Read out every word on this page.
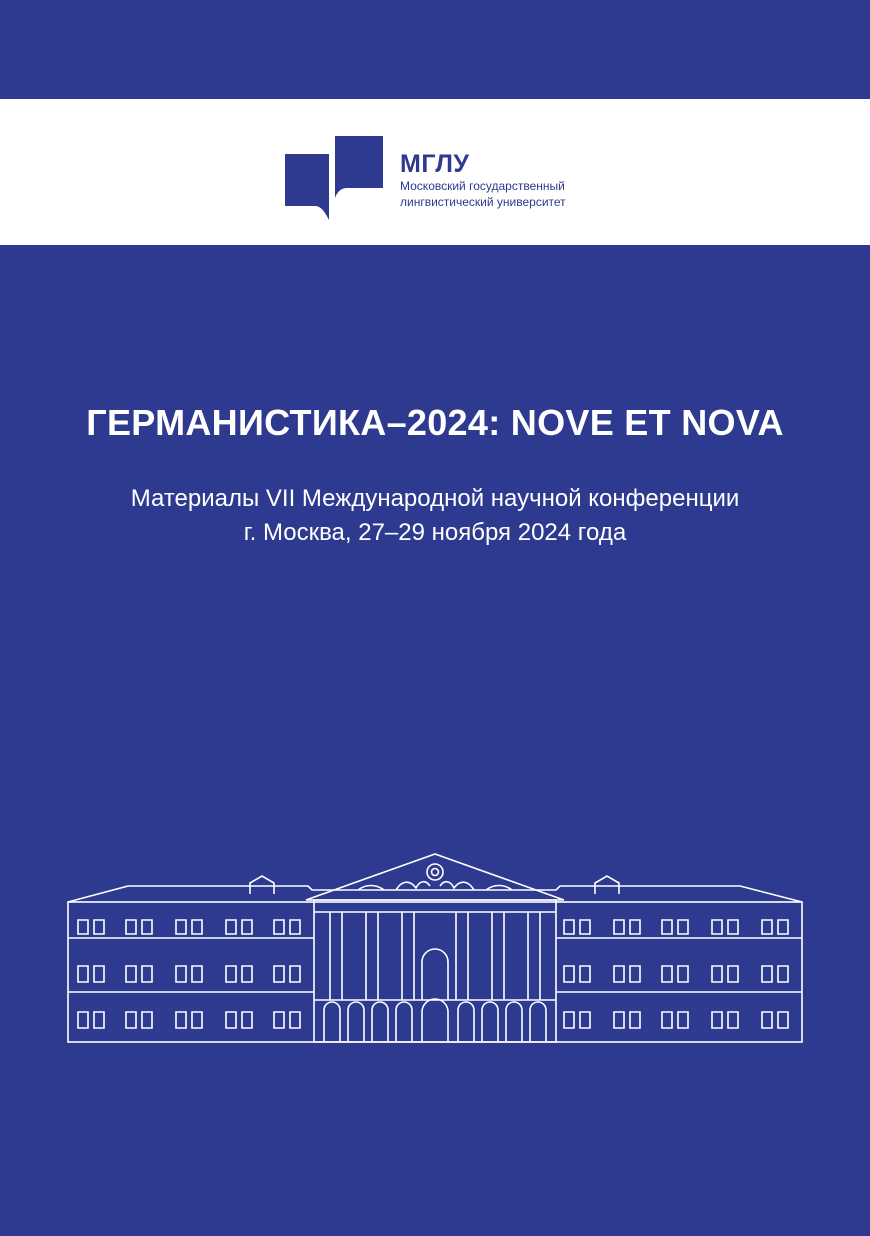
МГЛУ
Московский государственный
лингвистический университет
ГЕРМАНИСТИКА–2024: NOVE ET NOVA
Материалы VII Международной научной конференции
г. Москва, 27–29 ноября 2024 года
